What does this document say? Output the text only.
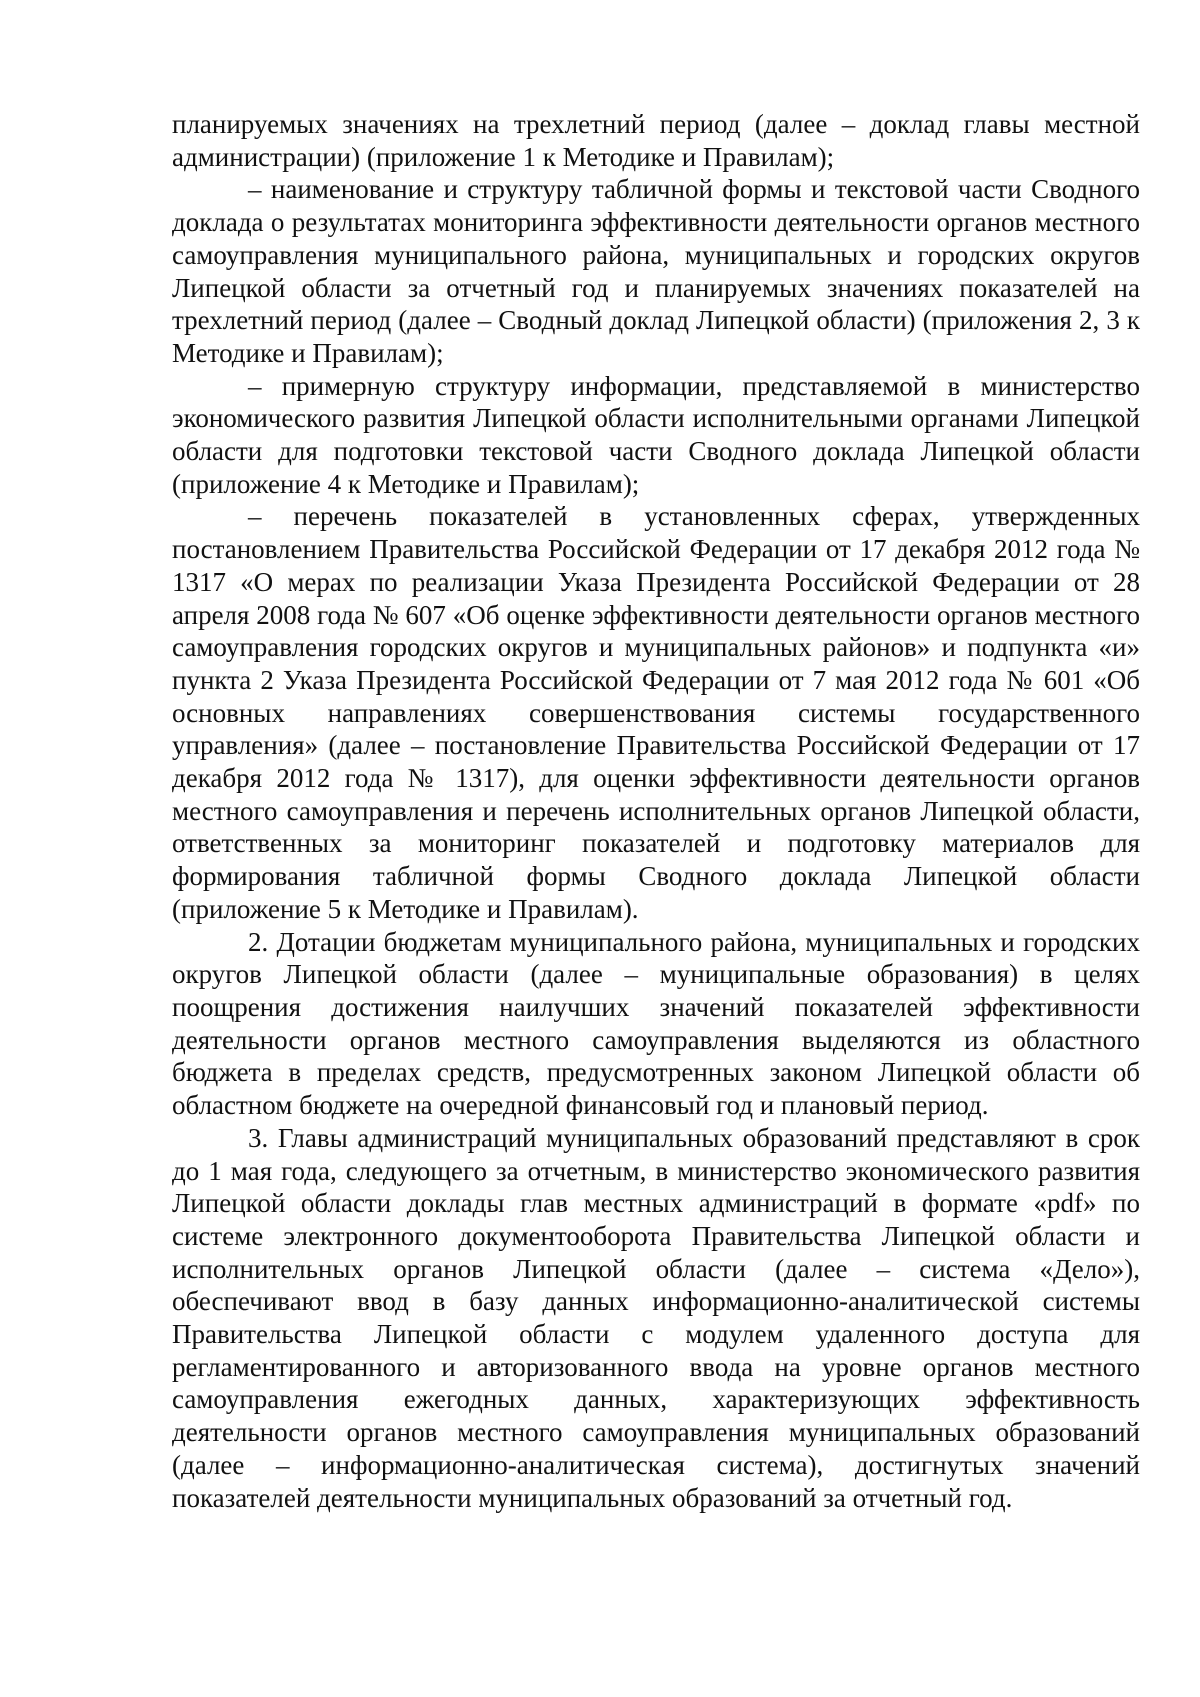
планируемых значениях на трехлетний период (далее – доклад главы местной администрации) (приложение 1 к Методике и Правилам);

– наименование и структуру табличной формы и текстовой части Сводного доклада о результатах мониторинга эффективности деятельности органов местного самоуправления муниципального района, муниципальных и городских округов Липецкой области за отчетный год и планируемых значениях показателей на трехлетний период (далее – Сводный доклад Липецкой области) (приложения 2, 3 к Методике и Правилам);

– примерную структуру информации, представляемой в министерство экономического развития Липецкой области исполнительными органами Липецкой области для подготовки текстовой части Сводного доклада Липецкой области (приложение 4 к Методике и Правилам);

– перечень показателей в установленных сферах, утвержденных постановлением Правительства Российской Федерации от 17 декабря 2012 года № 1317 «О мерах по реализации Указа Президента Российской Федерации от 28 апреля 2008 года № 607 «Об оценке эффективности деятельности органов местного самоуправления городских округов и муниципальных районов» и подпункта «и» пункта 2 Указа Президента Российской Федерации от 7 мая 2012 года № 601 «Об основных направлениях совершенствования системы государственного управления» (далее – постановление Правительства Российской Федерации от 17 декабря 2012 года № 1317), для оценки эффективности деятельности органов местного самоуправления и перечень исполнительных органов Липецкой области, ответственных за мониторинг показателей и подготовку материалов для формирования табличной формы Сводного доклада Липецкой области (приложение 5 к Методике и Правилам).

2. Дотации бюджетам муниципального района, муниципальных и городских округов Липецкой области (далее – муниципальные образования) в целях поощрения достижения наилучших значений показателей эффективности деятельности органов местного самоуправления выделяются из областного бюджета в пределах средств, предусмотренных законом Липецкой области об областном бюджете на очередной финансовый год и плановый период.

3. Главы администраций муниципальных образований представляют в срок до 1 мая года, следующего за отчетным, в министерство экономического развития Липецкой области доклады глав местных администраций в формате «pdf» по системе электронного документооборота Правительства Липецкой области и исполнительных органов Липецкой области (далее – система «Дело»), обеспечивают ввод в базу данных информационно-аналитической системы Правительства Липецкой области с модулем удаленного доступа для регламентированного и авторизованного ввода на уровне органов местного самоуправления ежегодных данных, характеризующих эффективность деятельности органов местного самоуправления муниципальных образований (далее – информационно-аналитическая система), достигнутых значений показателей деятельности муниципальных образований за отчетный год.
